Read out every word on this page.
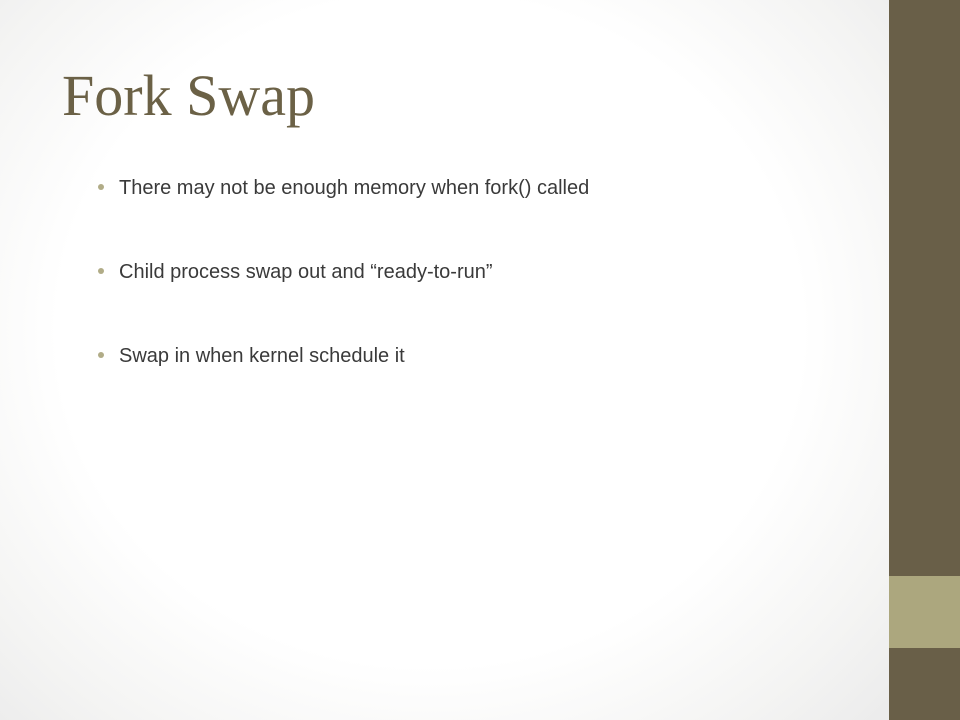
Fork Swap
There may not be enough memory when fork() called
Child process swap out and “ready-to-run”
Swap in when kernel schedule it
